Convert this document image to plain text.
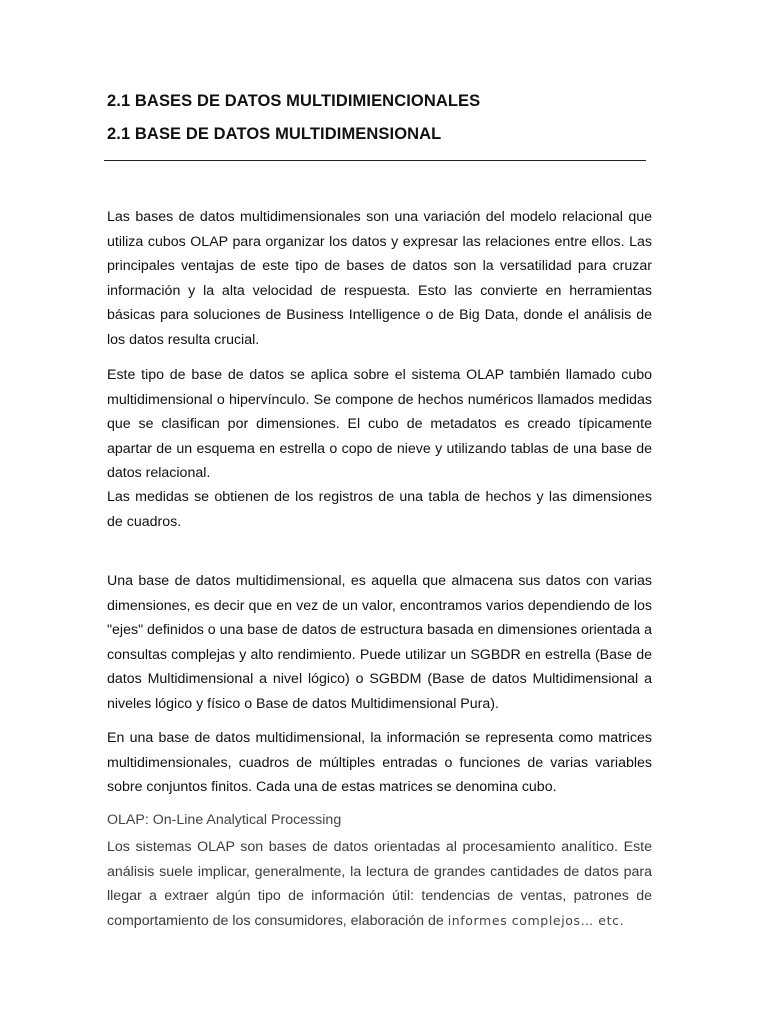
2.1 BASES DE DATOS MULTIDIMIENCIONALES
2.1 BASE DE DATOS MULTIDIMENSIONAL

Las bases de datos multidimensionales son una variación del modelo relacional que utiliza cubos OLAP para organizar los datos y expresar las relaciones entre ellos. Las principales ventajas de este tipo de bases de datos son la versatilidad para cruzar información y la alta velocidad de respuesta. Esto las convierte en herramientas básicas para soluciones de Business Intelligence o de Big Data, donde el análisis de los datos resulta crucial.

Este tipo de base de datos se aplica sobre el sistema OLAP también llamado cubo multidimensional o hipervínculo. Se compone de hechos numéricos llamados medidas que se clasifican por dimensiones. El cubo de metadatos es creado típicamente apartar de un esquema en estrella o copo de nieve y utilizando tablas de una base de datos relacional.

Las medidas se obtienen de los registros de una tabla de hechos y las dimensiones de cuadros.

Una base de datos multidimensional, es aquella que almacena sus datos con varias dimensiones, es decir que en vez de un valor, encontramos varios dependiendo de los "ejes" definidos o una base de datos de estructura basada en dimensiones orientada a consultas complejas y alto rendimiento. Puede utilizar un SGBDR en estrella (Base de datos Multidimensional a nivel lógico) o SGBDM (Base de datos Multidimensional a niveles lógico y físico o Base de datos Multidimensional Pura).

En una base de datos multidimensional, la información se representa como matrices multidimensionales, cuadros de múltiples entradas o funciones de varias variables sobre conjuntos finitos. Cada una de estas matrices se denomina cubo.

OLAP: On-Line Analytical Processing

Los sistemas OLAP son bases de datos orientadas al procesamiento analítico. Este análisis suele implicar, generalmente, la lectura de grandes cantidades de datos para llegar a extraer algún tipo de información útil: tendencias de ventas, patrones de comportamiento de los consumidores, elaboración de informes complejos… etc.
